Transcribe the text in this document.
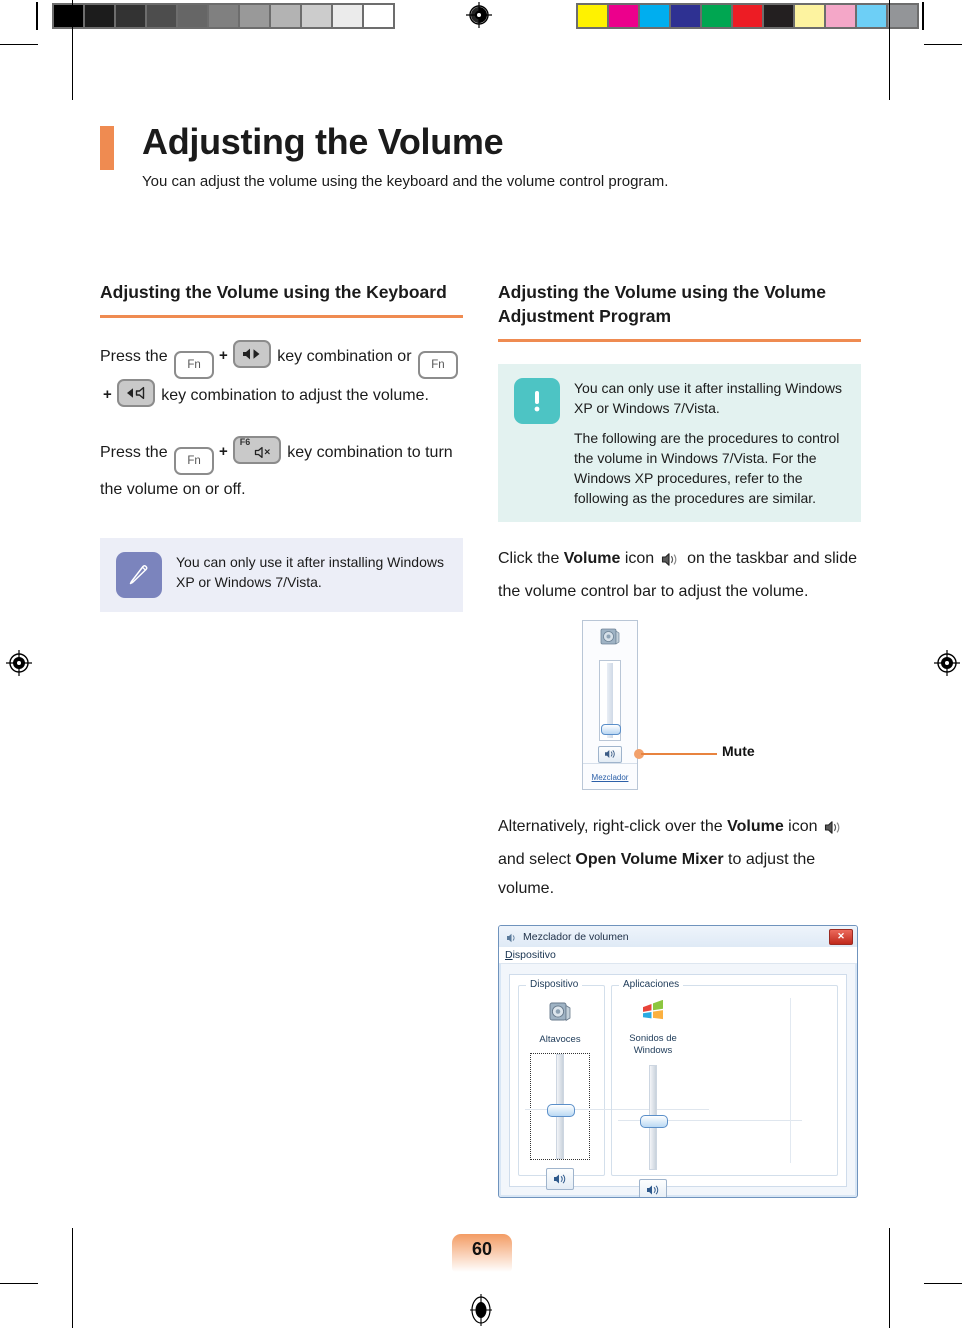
Adjusting the Volume

You can adjust the volume using the keyboard and the volume control program.

Adjusting the Volume using the Keyboard

Press the Fn+	key combination or Fn+	key combination to adjust the volume.

Press the Fn+
F6
key combination to turn the volume on or off.

You can only use it after installing Windows XP or Windows 7/Vista.

Adjusting the Volume using the Volume Adjustment Program

You can only use it after installing Windows XP or Windows 7/Vista.

The following are the procedures to control the volume in Windows 7/Vista. For the Windows XP procedures, refer to the following as the procedures are similar.

Click the Volume icon  on the taskbar and slide the volume control bar to adjust the volume.

Mezclador
Mute

Alternatively, right-click over the Volume icon  and select Open Volume Mixer to adjust the volume.

Mezclador de volumen	✕
Dispositivo
Dispositivo
Altavoces
Aplicaciones
Sonidos de Windows
60
